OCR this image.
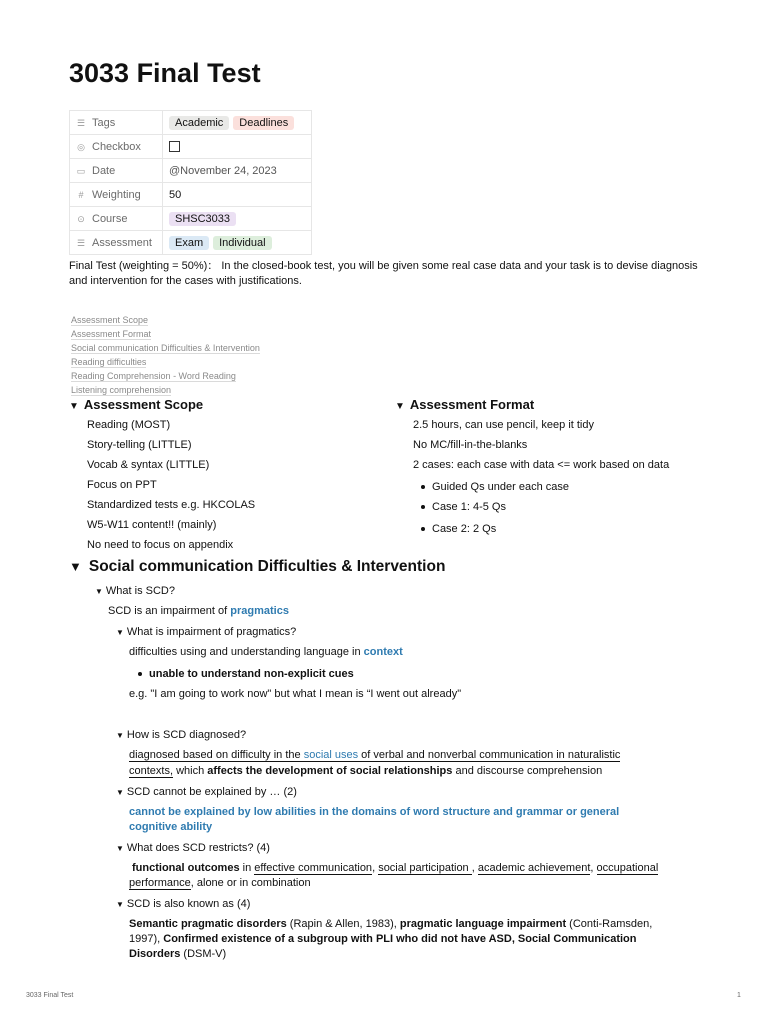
3033 Final Test
☰ Tags	Academic Deadlines
◎ Checkbox	
▭ Date	@November 24, 2023
# Weighting	50
⊙ Course	SHSC3033
☰ Assessment	Exam Individual

Final Test (weighting = 50%)： In the closed-book test, you will be given some real case data and your task is to devise diagnosis and intervention for the cases with justifications.

Assessment Scope
Assessment Format
Social communication Difficulties & Intervention
Reading difficulties
Reading Comprehension - Word Reading
Listening comprehension
▼ Assessment Scope
Reading (MOST)
Story-telling (LITTLE)
Vocab & syntax (LITTLE)
Focus on PPT
Standardized tests e.g. HKCOLAS
W5-W11 content!! (mainly)
No need to focus on appendix
▼ Assessment Format
2.5 hours, can use pencil, keep it tidy
No MC/fill-in-the-blanks
2 cases: each case with data <= work based on data
Guided Qs under each case
Case 1: 4-5 Qs
Case 2: 2 Qs
▼ Social communication Difficulties & Intervention
▼ What is SCD?
SCD is an impairment of pragmatics
▼ What is impairment of pragmatics?
difficulties using and understanding language in context
unable to understand non-explicit cues
e.g. "I am going to work now" but what I mean is “I went out already"
▼ How is SCD diagnosed?
diagnosed based on difficulty in the social uses of verbal and nonverbal communication in naturalistic
contexts, which affects the development of social relationships and discourse comprehension
▼ SCD cannot be explained by … (2)
cannot be explained by low abilities in the domains of word structure and grammar or general
cognitive ability
▼ What does SCD restricts? (4)
functional outcomes in effective communication, social participation , academic achievement, occupational
performance, alone or in combination
▼ SCD is also known as (4)
Semantic pragmatic disorders (Rapin & Allen, 1983), pragmatic language impairment (Conti-Ramsden,
1997), Confirmed existence of a subgroup with PLI who did not have ASD, Social Communication
Disorders (DSM-V)
3033 Final Test	1
